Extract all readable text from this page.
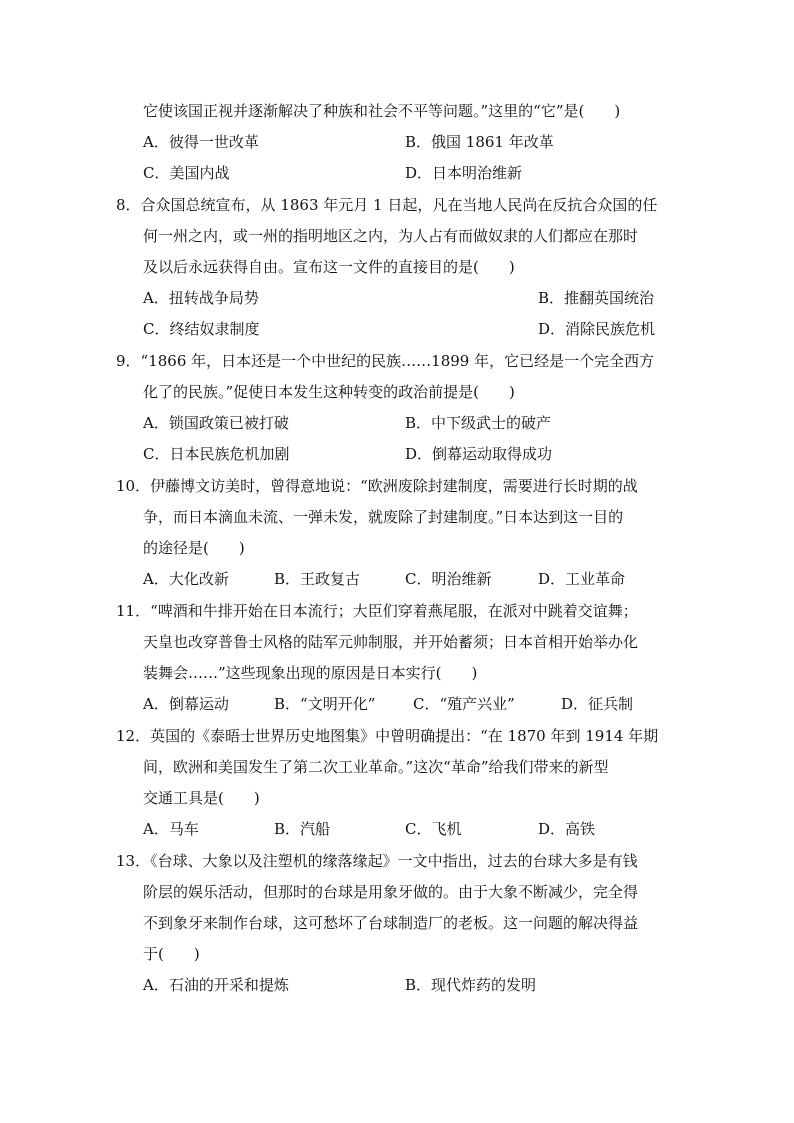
它使该国正视并逐渐解决了种族和社会不平等问题。”这里的“它”是(　　)
A．彼得一世改革	B．俄国 1861 年改革
C．美国内战	D．日本明治维新
8．合众国总统宣布，从 1863 年元月 1 日起，凡在当地人民尚在反抗合众国的任
何一州之内，或一州的指明地区之内，为人占有而做奴隶的人们都应在那时
及以后永远获得自由。宣布这一文件的直接目的是(　　)
A．扭转战争局势	B．推翻英国统治
C．终结奴隶制度	D．消除民族危机
9．“1866 年，日本还是一个中世纪的民族……1899 年，它已经是一个完全西方
化了的民族。”促使日本发生这种转变的政治前提是(　　)
A．锁国政策已被打破	B．中下级武士的破产
C．日本民族危机加剧	D．倒幕运动取得成功
10．伊藤博文访美时，曾得意地说：“欧洲废除封建制度，需要进行长时期的战
争，而日本滴血未流、一弹未发，就废除了封建制度。”日本达到这一目的
的途径是(　　)
A．大化改新	B．王政复古	C．明治维新	D．工业革命
11．“啤酒和牛排开始在日本流行；大臣们穿着燕尾服，在派对中跳着交谊舞；
天皇也改穿普鲁士风格的陆军元帅制服，并开始蓄须；日本首相开始举办化
装舞会……”这些现象出现的原因是日本实行(　　)
A．倒幕运动	B．“文明开化”	C．“殖产兴业”	D．征兵制
12．英国的《泰晤士世界历史地图集》中曾明确提出：“在 1870 年到 1914 年期
间，欧洲和美国发生了第二次工业革命。”这次“革命”给我们带来的新型
交通工具是(　　)
A．马车	B．汽船	C．飞机	D．高铁
13．《台球、大象以及注塑机的缘落缘起》一文中指出，过去的台球大多是有钱
阶层的娱乐活动，但那时的台球是用象牙做的。由于大象不断减少，完全得
不到象牙来制作台球，这可愁坏了台球制造厂的老板。这一问题的解决得益
于(　　)
A．石油的开采和提炼	B．现代炸药的发明
